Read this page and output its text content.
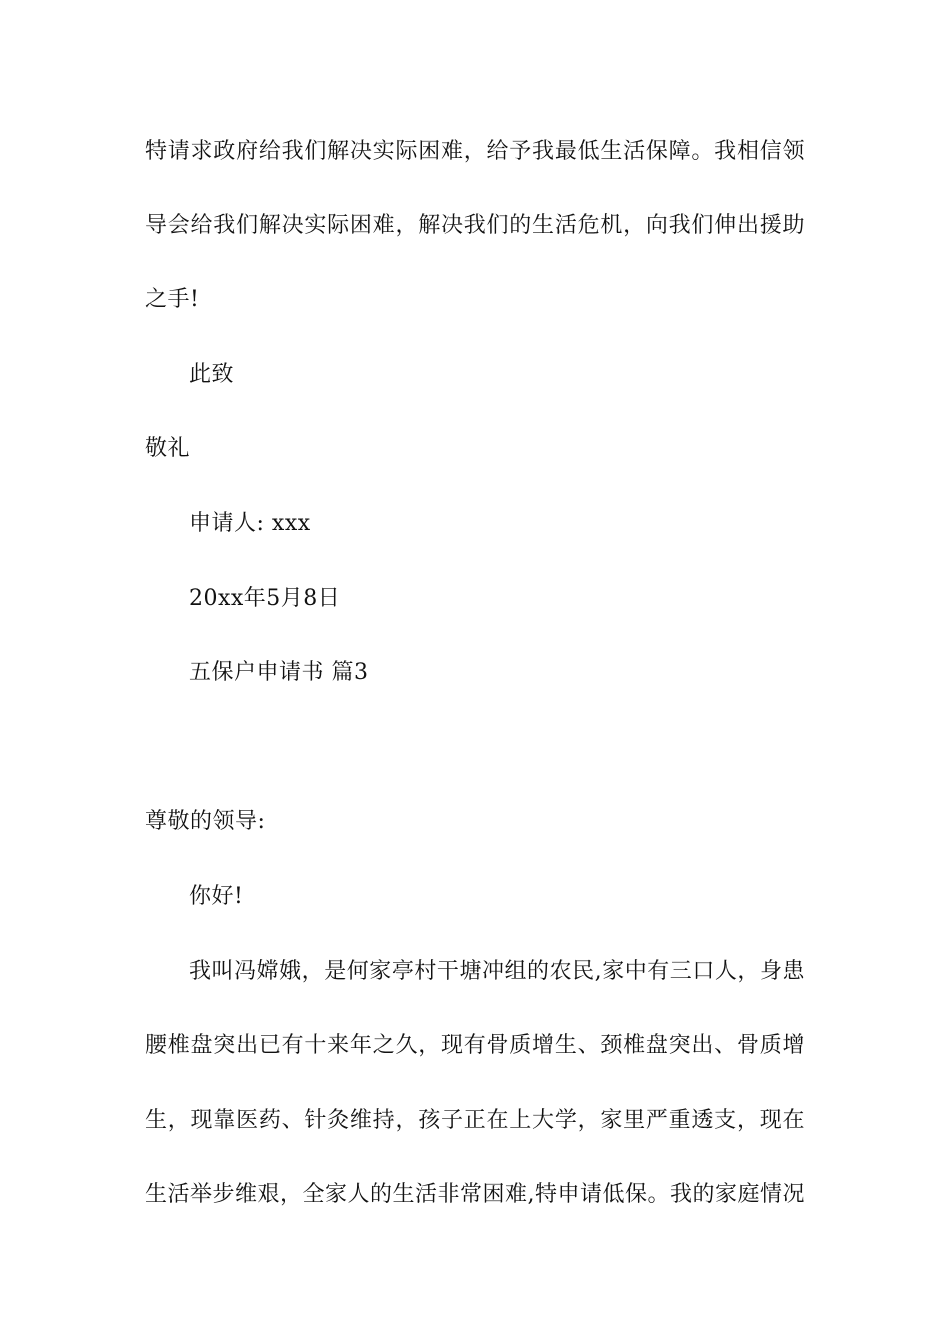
特请求政府给我们解决实际困难，给予我最低生活保障。我相信领
导会给我们解决实际困难，解决我们的生活危机，向我们伸出援助
之手!
此致
敬礼
申请人: xxx
20xx年5月8日
五保户申请书 篇3
尊敬的领导:
你好!
我叫冯嫦娥，是何家亭村干塘冲组的农民,家中有三口人，身患
腰椎盘突出已有十来年之久，现有骨质增生、颈椎盘突出、骨质增
生，现靠医药、针灸维持，孩子正在上大学，家里严重透支，现在
生活举步维艰，全家人的生活非常困难,特申请低保。我的家庭情况
